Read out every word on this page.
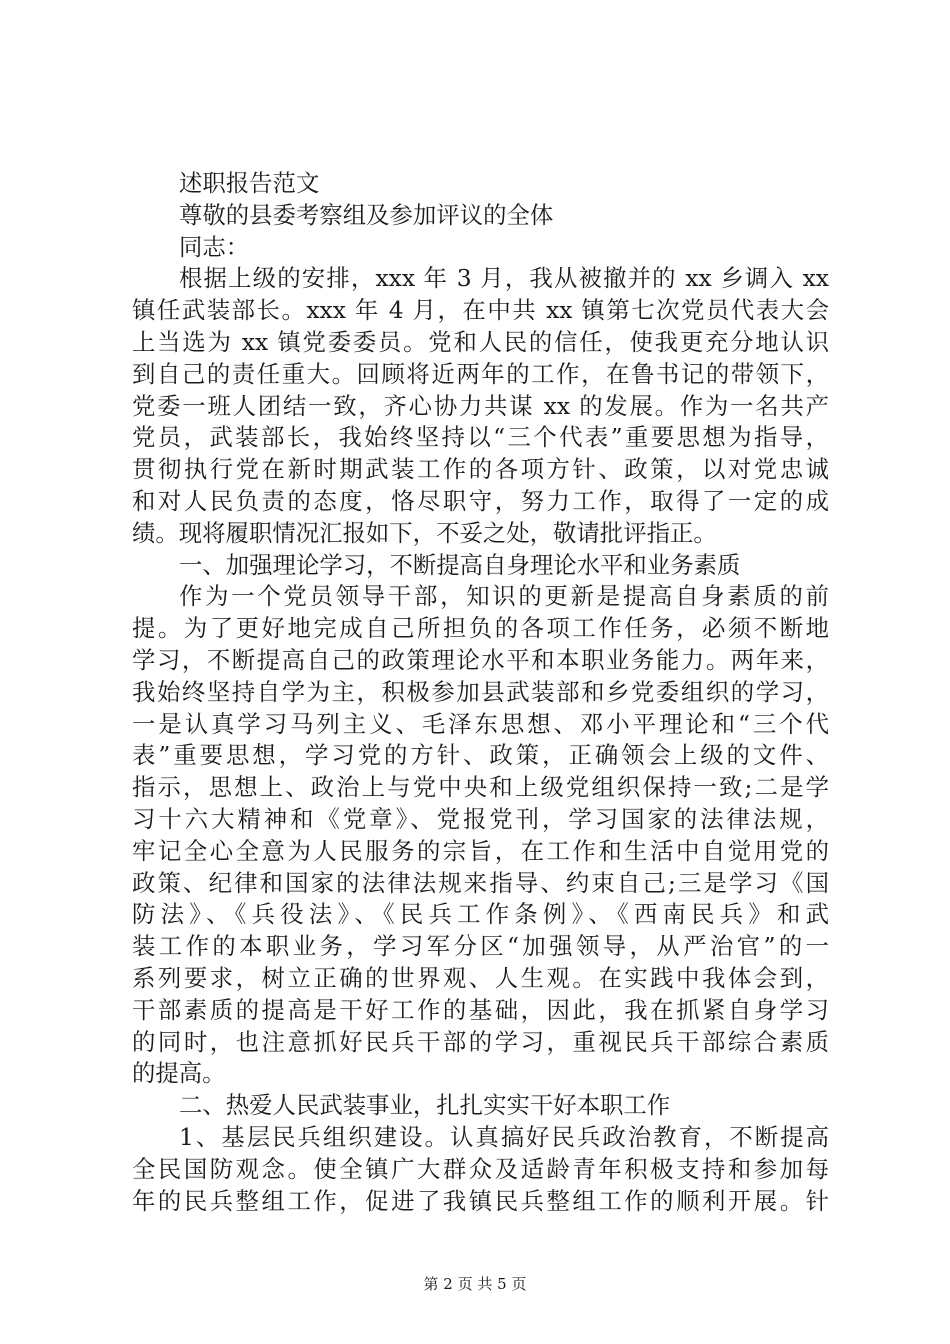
述职报告范文
尊敬的县委考察组及参加评议的全体
同志：
根据上级的安排，xxx 年 3 月，我从被撤并的 xx 乡调入 xx
镇任武装部长。xxx 年 4 月，在中共 xx 镇第七次党员代表大会
上当选为 xx 镇党委委员。党和人民的信任，使我更充分地认识
到自己的责任重大。回顾将近两年的工作，在鲁书记的带领下，
党委一班人团结一致，齐心协力共谋 xx 的发展。作为一名共产
党员，武装部长，我始终坚持以“三个代表”重要思想为指导，
贯彻执行党在新时期武装工作的各项方针、政策，以对党忠诚
和对人民负责的态度，恪尽职守，努力工作，取得了一定的成
绩。现将履职情况汇报如下，不妥之处，敬请批评指正。
一、加强理论学习，不断提高自身理论水平和业务素质
作为一个党员领导干部，知识的更新是提高自身素质的前
提。为了更好地完成自己所担负的各项工作任务，必须不断地
学习，不断提高自己的政策理论水平和本职业务能力。两年来，
我始终坚持自学为主，积极参加县武装部和乡党委组织的学习，
一是认真学习马列主义、毛泽东思想、邓小平理论和“三个代
表”重要思想，学习党的方针、政策，正确领会上级的文件、
指示，思想上、政治上与党中央和上级党组织保持一致;二是学
习十六大精神和《党章》、党报党刊，学习国家的法律法规，
牢记全心全意为人民服务的宗旨，在工作和生活中自觉用党的
政策、纪律和国家的法律法规来指导、约束自己;三是学习《国
防法》、《兵役法》、《民兵工作条例》、《西南民兵》和武
装工作的本职业务，学习军分区“加强领导，从严治官”的一
系列要求，树立正确的世界观、人生观。在实践中我体会到，
干部素质的提高是干好工作的基础，因此，我在抓紧自身学习
的同时，也注意抓好民兵干部的学习，重视民兵干部综合素质
的提高。
二、热爱人民武装事业，扎扎实实干好本职工作
1、基层民兵组织建设。认真搞好民兵政治教育，不断提高
全民国防观念。使全镇广大群众及适龄青年积极支持和参加每
年的民兵整组工作，促进了我镇民兵整组工作的顺利开展。针
第 2 页 共 5 页
